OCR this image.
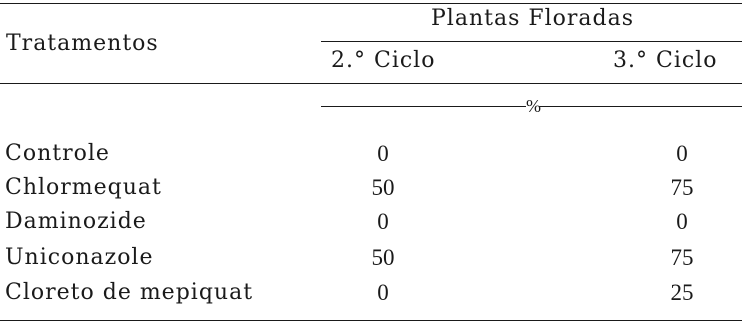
Tratamentos
Plantas Floradas
2.° Ciclo	3.° Ciclo
%
Controle	0	0
Chlormequat	50	75
Daminozide	0	0
Uniconazole	50	75
Cloreto de mepiquat	0	25
